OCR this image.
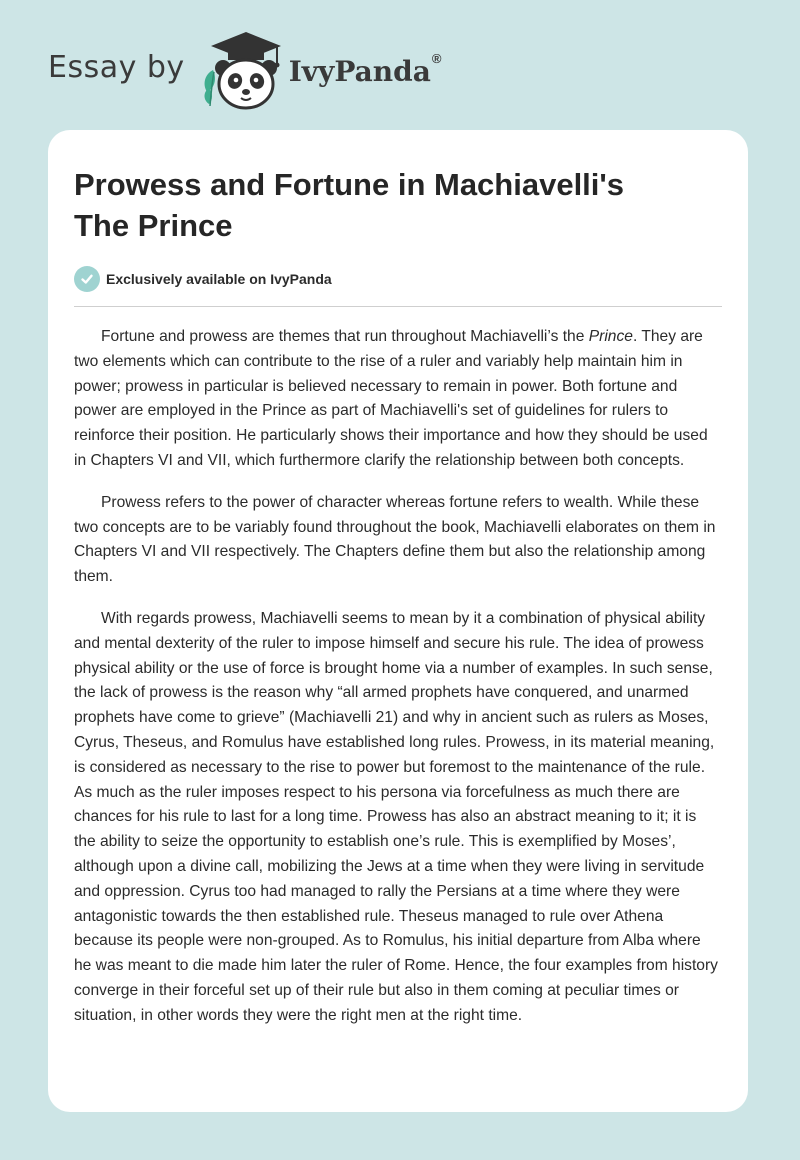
Essay by	IvyPanda®
Prowess and Fortune in Machiavelli's
The Prince
Exclusively available on IvyPanda

Fortune and prowess are themes that run throughout Machiavelli’s the Prince. They are two elements which can contribute to the rise of a ruler and variably help maintain him in power; prowess in particular is believed necessary to remain in power. Both fortune and power are employed in the Prince as part of Machiavelli's set of guidelines for rulers to reinforce their position. He particularly shows their importance and how they should be used in Chapters VI and VII, which furthermore clarify the relationship between both concepts.

Prowess refers to the power of character whereas fortune refers to wealth. While these two concepts are to be variably found throughout the book, Machiavelli elaborates on them in Chapters VI and VII respectively. The Chapters define them but also the relationship among them.

With regards prowess, Machiavelli seems to mean by it a combination of physical ability and mental dexterity of the ruler to impose himself and secure his rule. The idea of prowess physical ability or the use of force is brought home via a number of examples. In such sense, the lack of prowess is the reason why “all armed prophets have conquered, and unarmed prophets have come to grieve” (Machiavelli 21) and why in ancient such as rulers as Moses, Cyrus, Theseus, and Romulus have established long rules. Prowess, in its material meaning, is considered as necessary to the rise to power but foremost to the maintenance of the rule. As much as the ruler imposes respect to his persona via forcefulness as much there are chances for his rule to last for a long time. Prowess has also an abstract meaning to it; it is the ability to seize the opportunity to establish one’s rule. This is exemplified by Moses’, although upon a divine call, mobilizing the Jews at a time when they were living in servitude and oppression. Cyrus too had managed to rally the Persians at a time where they were antagonistic towards the then established rule. Theseus managed to rule over Athena because its people were non-grouped. As to Romulus, his initial departure from Alba where he was meant to die made him later the ruler of Rome. Hence, the four examples from history converge in their forceful set up of their rule but also in them coming at peculiar times or situation, in other words they were the right men at the right time.
